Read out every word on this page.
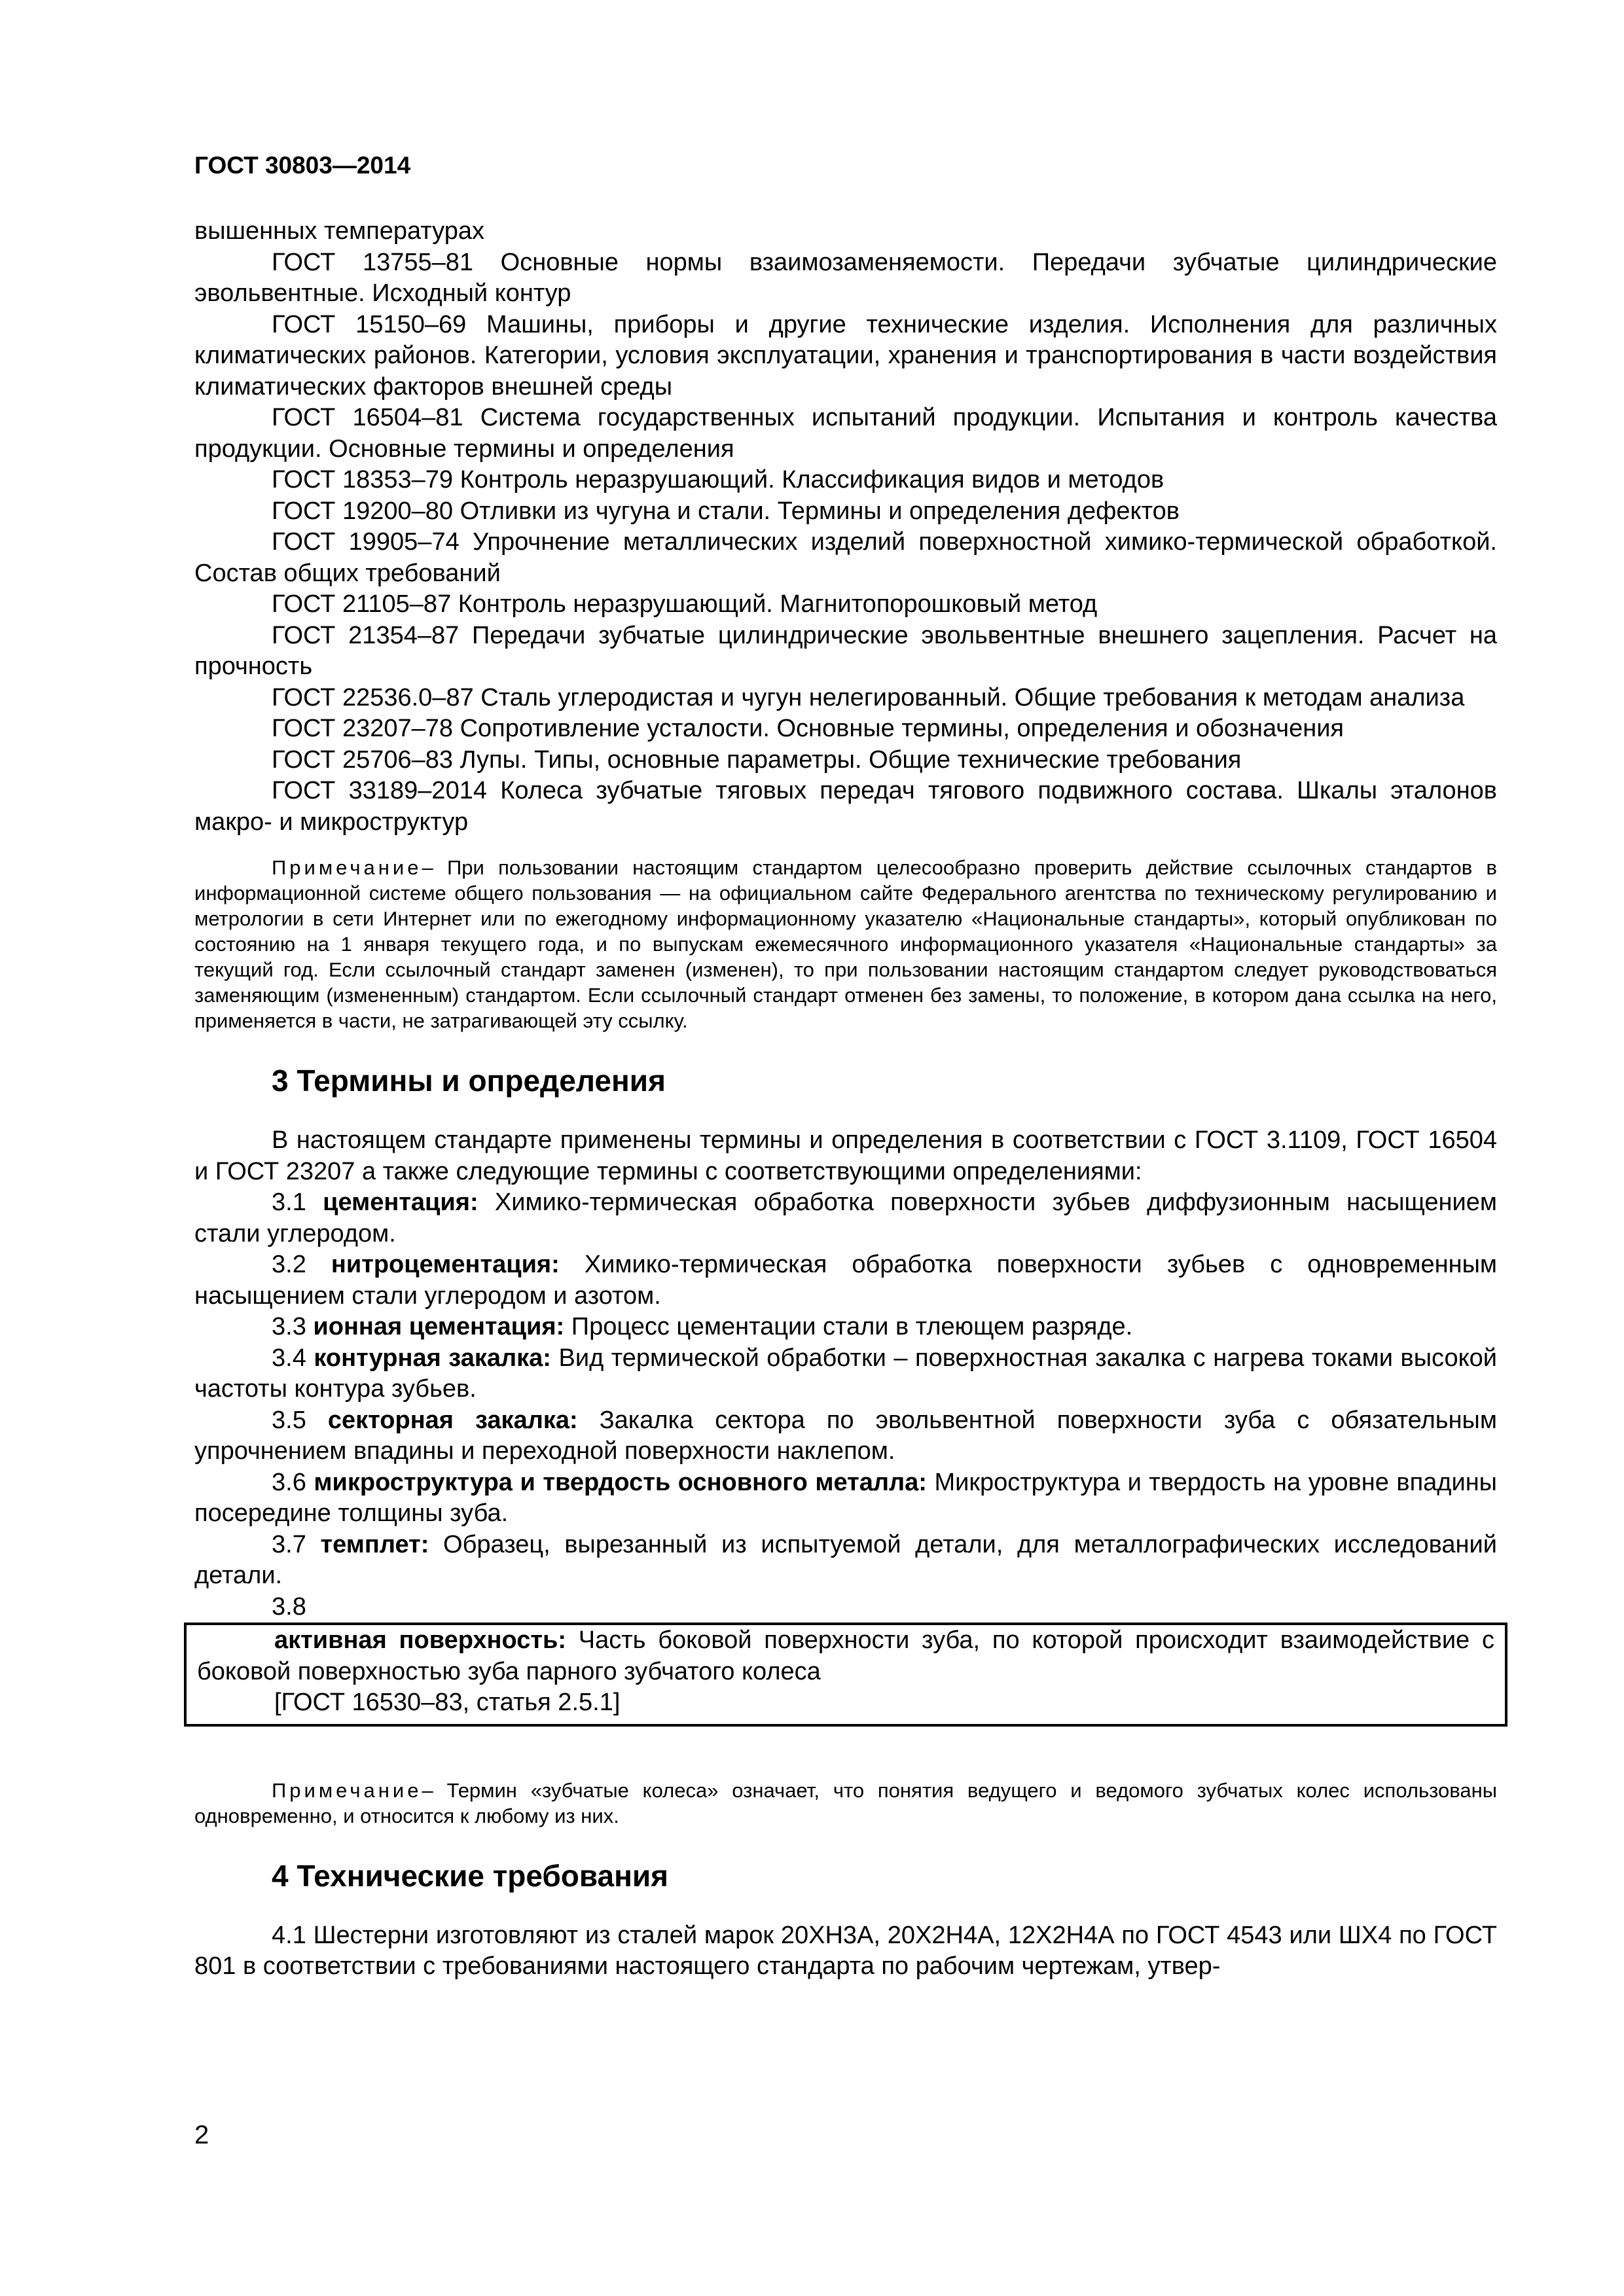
ГОСТ 30803—2014

вышенных температурах

ГОСТ 13755–81 Основные нормы взаимозаменяемости. Передачи зубчатые цилиндрические эвольвентные. Исходный контур

ГОСТ 15150–69 Машины, приборы и другие технические изделия. Исполнения для различных климатических районов. Категории, условия эксплуатации, хранения и транспортирования в части воздействия климатических факторов внешней среды

ГОСТ 16504–81 Система государственных испытаний продукции. Испытания и контроль качества продукции. Основные термины и определения

ГОСТ 18353–79 Контроль неразрушающий. Классификация видов и методов

ГОСТ 19200–80 Отливки из чугуна и стали. Термины и определения дефектов

ГОСТ 19905–74 Упрочнение металлических изделий поверхностной химико-термической обработкой. Состав общих требований

ГОСТ 21105–87 Контроль неразрушающий. Магнитопорошковый метод

ГОСТ 21354–87 Передачи зубчатые цилиндрические эвольвентные внешнего зацепления. Расчет на прочность

ГОСТ 22536.0–87 Сталь углеродистая и чугун нелегированный. Общие требования к методам анализа

ГОСТ 23207–78 Сопротивление усталости. Основные термины, определения и обозначения

ГОСТ 25706–83 Лупы. Типы, основные параметры. Общие технические требования

ГОСТ 33189–2014 Колеса зубчатые тяговых передач тягового подвижного состава. Шкалы эталонов макро- и микроструктур

Примечание– При пользовании настоящим стандартом целесообразно проверить действие ссылочных стандартов в информационной системе общего пользования — на официальном сайте Федерального агентства по техническому регулированию и метрологии в сети Интернет или по ежегодному информационному указателю «Национальные стандарты», который опубликован по состоянию на 1 января текущего года, и по выпускам ежемесячного информационного указателя «Национальные стандарты» за текущий год. Если ссылочный стандарт заменен (изменен), то при пользовании настоящим стандартом следует руководствоваться заменяющим (измененным) стандартом. Если ссылочный стандарт отменен без замены, то положение, в котором дана ссылка на него, применяется в части, не затрагивающей эту ссылку.

3 Термины и определения

В настоящем стандарте применены термины и определения в соответствии с ГОСТ 3.1109, ГОСТ 16504 и ГОСТ 23207 а также следующие термины с соответствующими определениями:

3.1 цементация: Химико-термическая обработка поверхности зубьев диффузионным насыщением стали углеродом.

3.2 нитроцементация: Химико-термическая обработка поверхности зубьев с одновременным насыщением стали углеродом и азотом.

3.3 ионная цементация: Процесс цементации стали в тлеющем разряде.

3.4 контурная закалка: Вид термической обработки – поверхностная закалка с нагрева токами высокой частоты контура зубьев.

3.5 секторная закалка: Закалка сектора по эвольвентной поверхности зуба с обязательным упрочнением впадины и переходной поверхности наклепом.

3.6 микроструктура и твердость основного металла: Микроструктура и твердость на уровне впадины посередине толщины зуба.

3.7 темплет: Образец, вырезанный из испытуемой детали, для металлографических исследований детали.

3.8

активная поверхность: Часть боковой поверхности зуба, по которой происходит взаимодействие с боковой поверхностью зуба парного зубчатого колеса

[ГОСТ 16530–83, статья 2.5.1]

Примечание– Термин «зубчатые колеса» означает, что понятия ведущего и ведомого зубчатых колес использованы одновременно, и относится к любому из них.

4 Технические требования

4.1 Шестерни изготовляют из сталей марок 20ХН3А, 20Х2Н4А, 12Х2Н4А по ГОСТ 4543 или ШХ4 по ГОСТ 801 в соответствии с требованиями настоящего стандарта по рабочим чертежам, утвер-

2
